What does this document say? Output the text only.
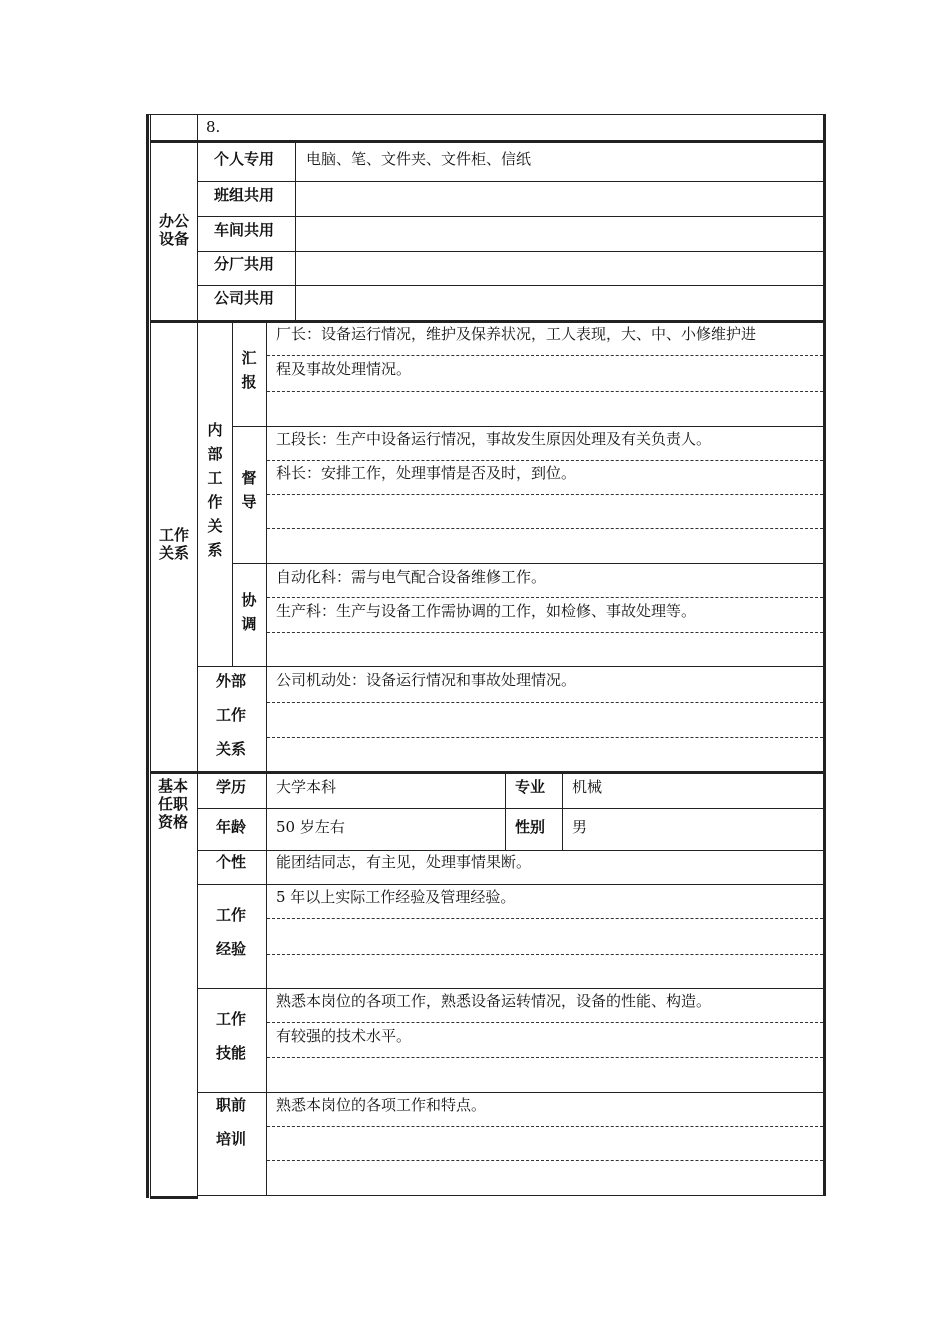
8.
办公
设备
个人专用 电脑、笔、文件夹、文件柜、信纸
班组共用
车间共用
分厂共用
公司共用
工作
关系
内
部
工
作
关
系
汇
报
厂长：设备运行情况，维护及保养状况，工人表现，大、中、小修维护进
程及事故处理情况。
督
导
工段长：生产中设备运行情况，事故发生原因处理及有关负责人。
科长：安排工作，处理事情是否及时，到位。
协
调
自动化科：需与电气配合设备维修工作。
生产科：生产与设备工作需协调的工作，如检修、事故处理等。
外部
工作
关系
公司机动处：设备运行情况和事故处理情况。
基本
任职
资格
学历 大学本科	专业 机械
年龄 50 岁左右	性别 男
个性 能团结同志，有主见，处理事情果断。
工作
经验
5 年以上实际工作经验及管理经验。
工作
技能
熟悉本岗位的各项工作，熟悉设备运转情况，设备的性能、构造。
有较强的技术水平。
职前
培训
熟悉本岗位的各项工作和特点。
